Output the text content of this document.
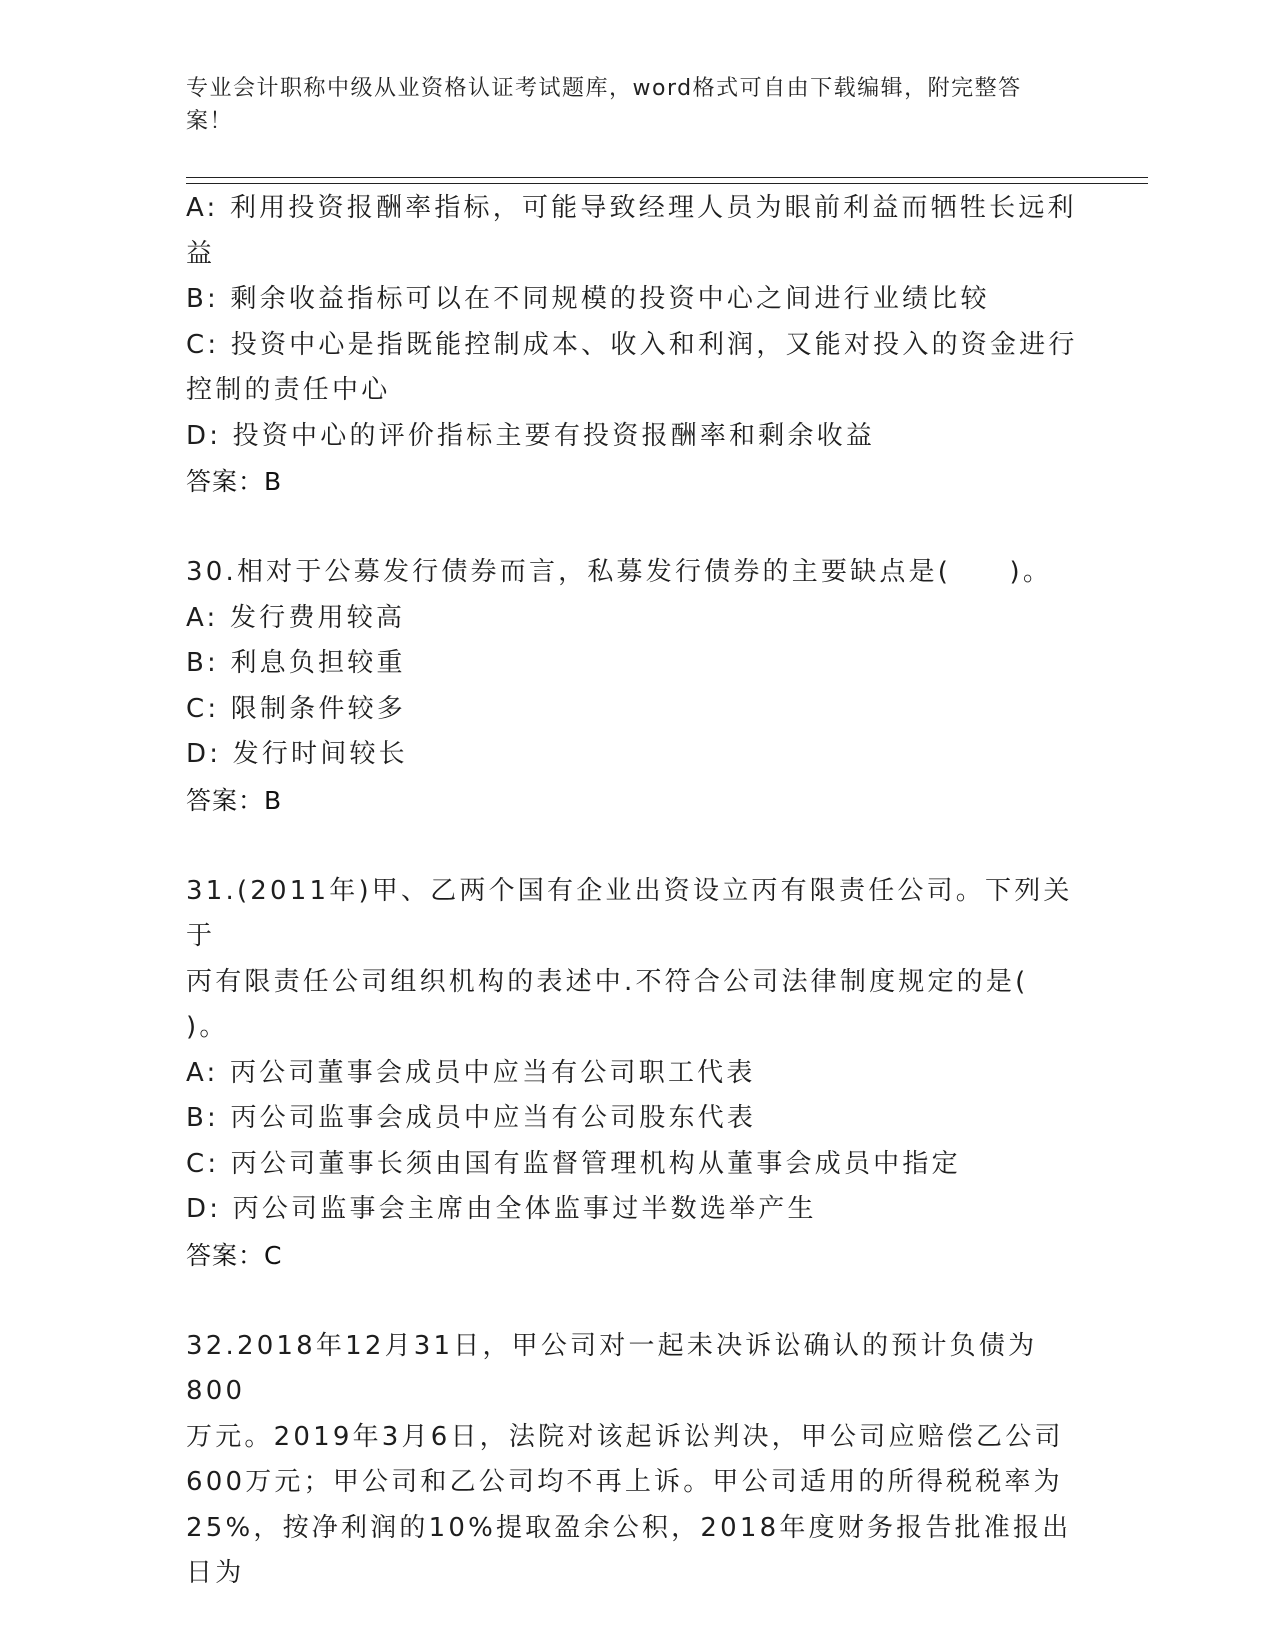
专业会计职称中级从业资格认证考试题库，word格式可自由下载编辑，附完整答
案！
A: 利用投资报酬率指标，可能导致经理人员为眼前利益而牺牲长远利
益
B: 剩余收益指标可以在不同规模的投资中心之间进行业绩比较
C: 投资中心是指既能控制成本、收入和利润，又能对投入的资金进行
控制的责任中心
D: 投资中心的评价指标主要有投资报酬率和剩余收益
答案：B
30.相对于公募发行债券而言，私募发行债券的主要缺点是(　　)。
A: 发行费用较高
B: 利息负担较重
C: 限制条件较多
D: 发行时间较长
答案：B
31.(2011年)甲、乙两个国有企业出资设立丙有限责任公司。下列关于
丙有限责任公司组织机构的表述中.不符合公司法律制度规定的是(
)。
A: 丙公司董事会成员中应当有公司职工代表
B: 丙公司监事会成员中应当有公司股东代表
C: 丙公司董事长须由国有监督管理机构从董事会成员中指定
D: 丙公司监事会主席由全体监事过半数选举产生
答案：C
32.2018年12月31日，甲公司对一起未决诉讼确认的预计负债为800
万元。2019年3月6日，法院对该起诉讼判决，甲公司应赔偿乙公司
600万元；甲公司和乙公司均不再上诉。甲公司适用的所得税税率为
25%，按净利润的10%提取盈余公积，2018年度财务报告批准报出日为
